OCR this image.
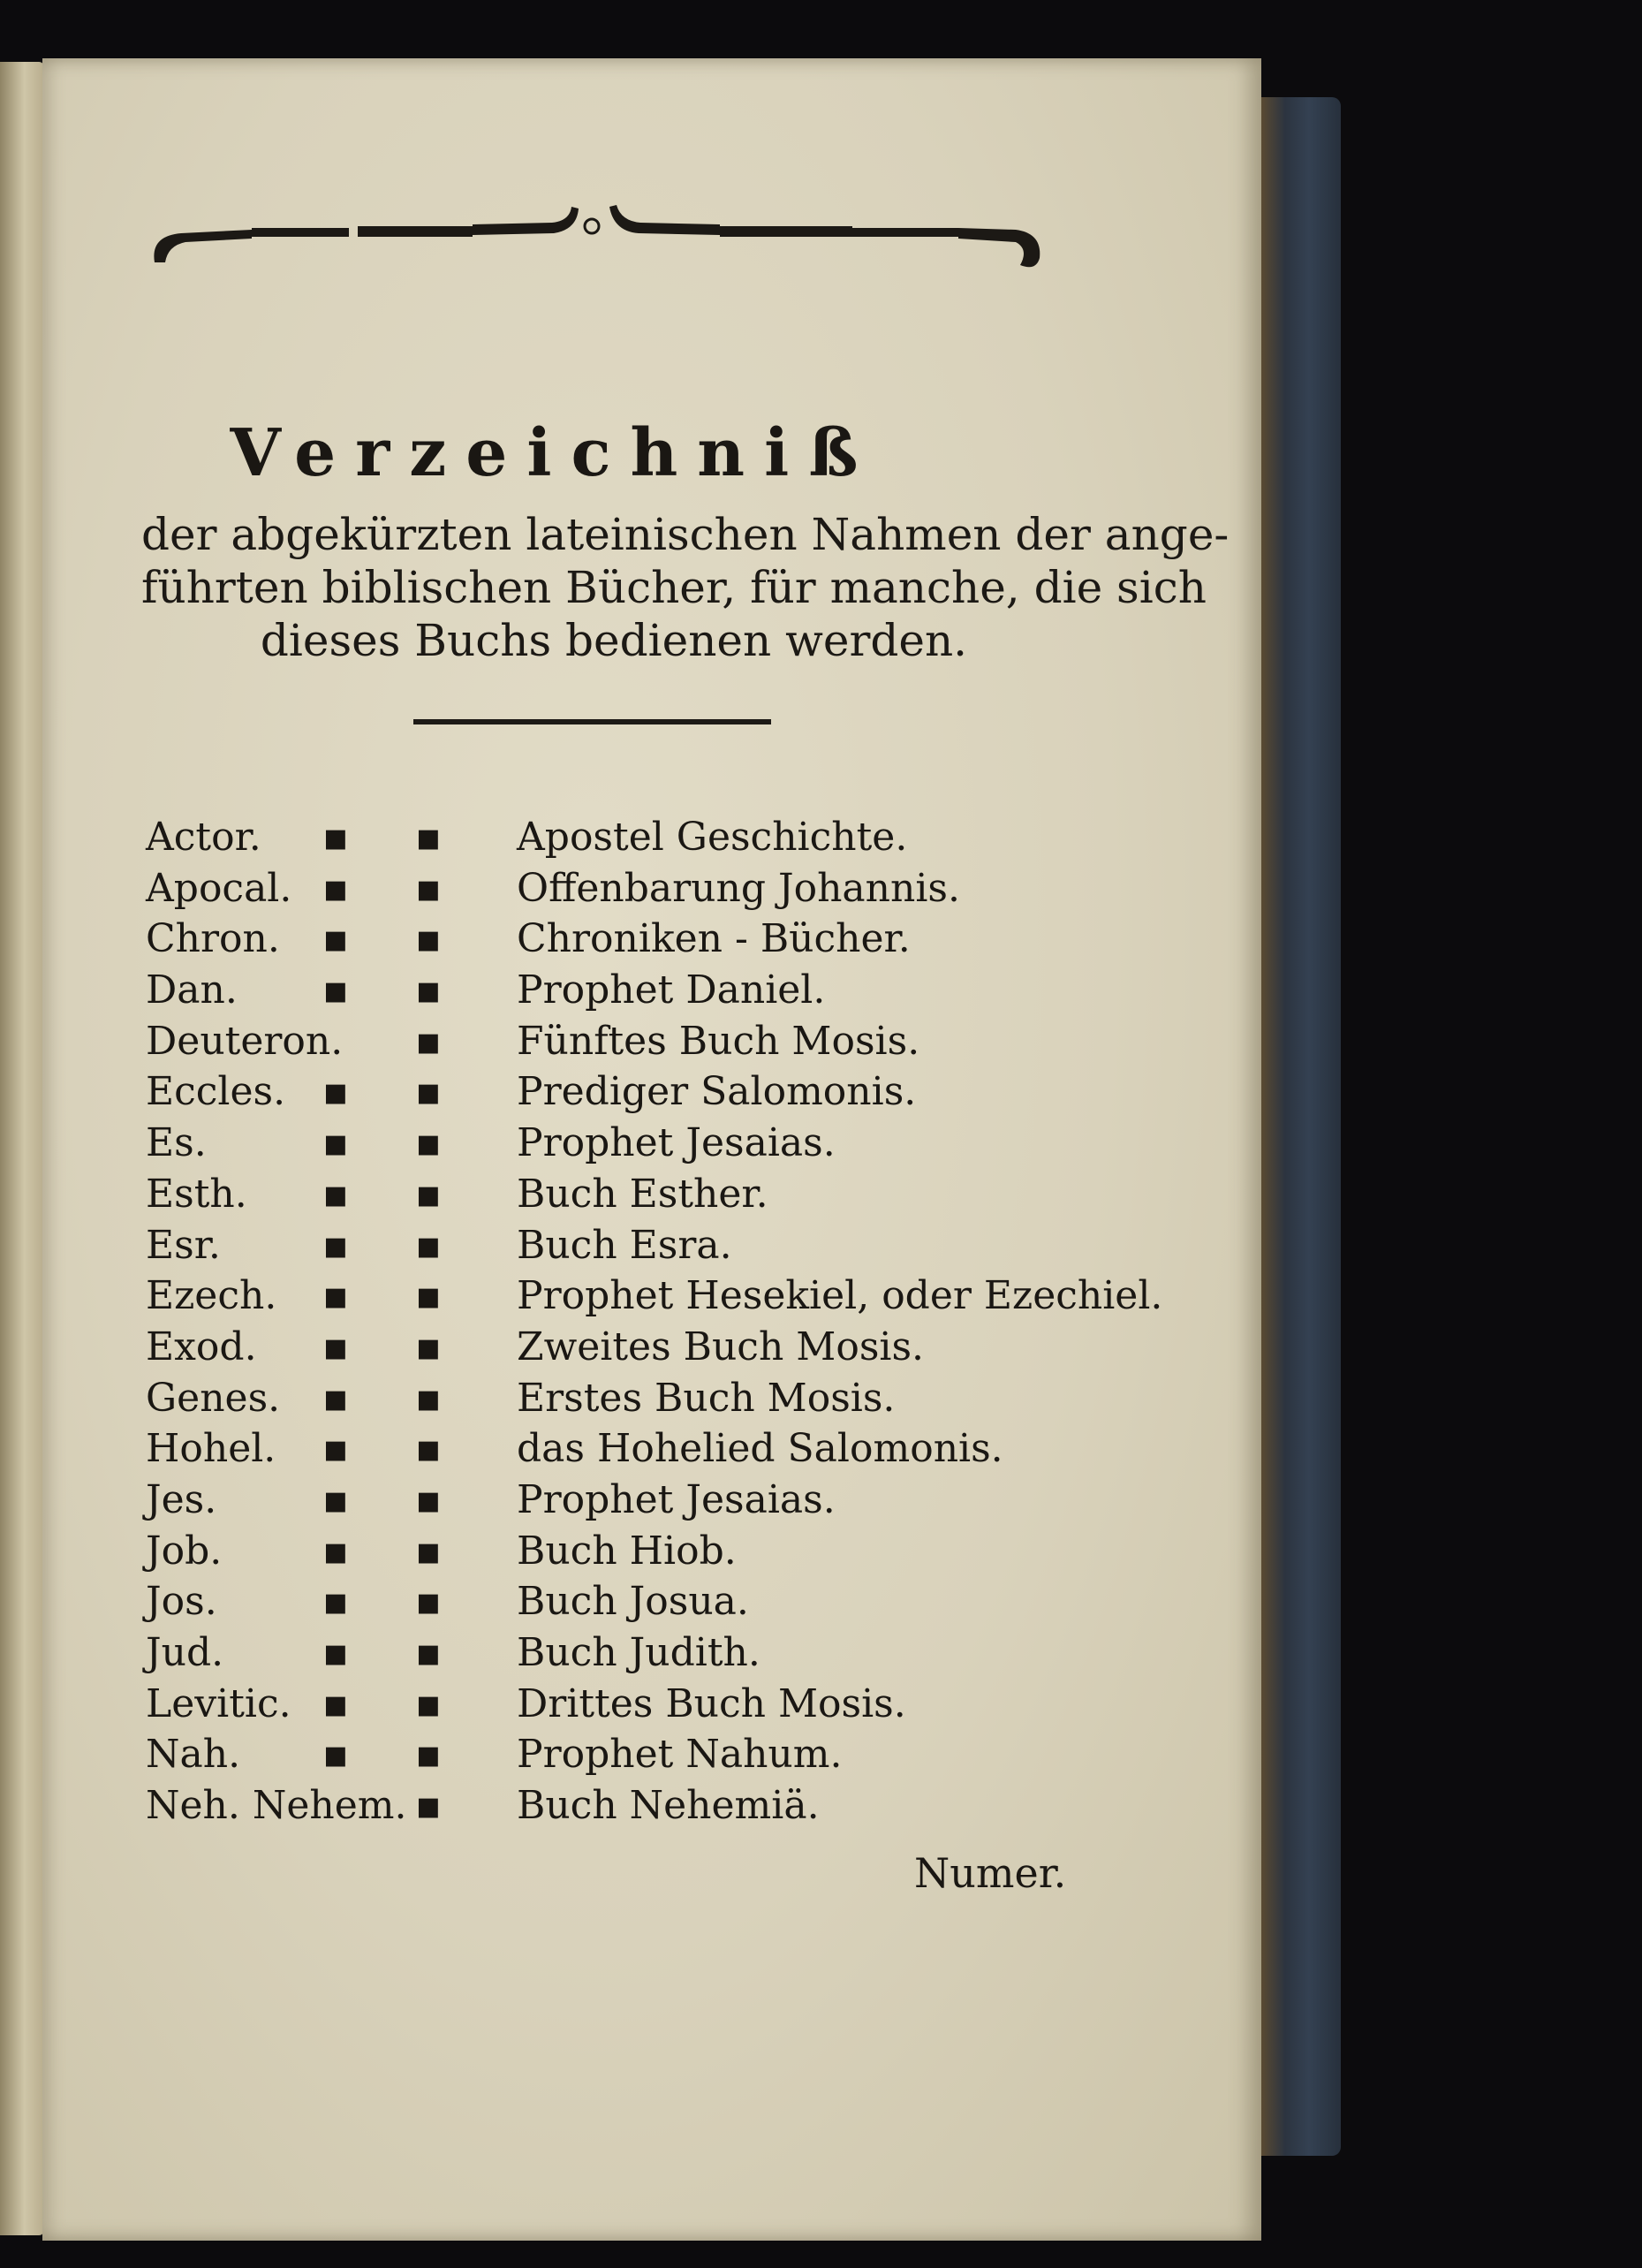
Verzeichniß
der abgekürzten lateinischen Nahmen der ange-
führten biblischen Bücher, für manche, die sich
dieses Buchs bedienen werden.
Actor. ▪ ▪ Apostel Geschichte.
Apocal. ▪ ▪ Offenbarung Johannis.
Chron. ▪ ▪ Chroniken - Bücher.
Dan. ▪ ▪ Prophet Daniel.
Deuteron. ▪ Fünftes Buch Mosis.
Eccles. ▪ ▪ Prediger Salomonis.
Es.	▪ ▪ Prophet Jesaias.
Esth. ▪ ▪ Buch Esther.
Esr.	▪ ▪ Buch Esra.
Ezech. ▪ ▪ Prophet Hesekiel, oder Ezechiel.
Exod. ▪ ▪ Zweites Buch Mosis.
Genes. ▪ ▪ Erstes Buch Mosis.
Hohel. ▪ ▪ das Hohelied Salomonis.
Jes.	▪ ▪ Prophet Jesaias.
Job.	▪ ▪ Buch Hiob.
Jos.	▪ ▪ Buch Josua.
Jud.	▪ ▪ Buch Judith.
Levitic. ▪ ▪ Drittes Buch Mosis.
Nah. ▪ ▪ Prophet Nahum.
Neh. Nehem. ▪ Buch Nehemiä.
Numer.
